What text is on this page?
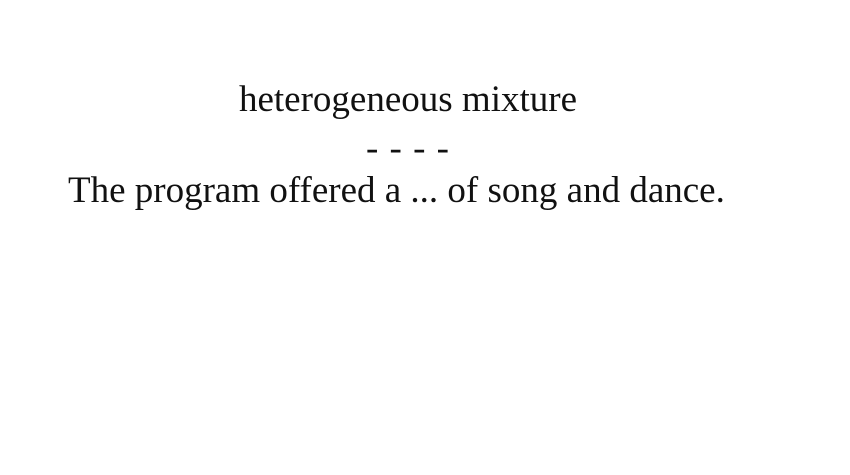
heterogeneous mixture
- - - -
The program offered a ... of song and dance.
